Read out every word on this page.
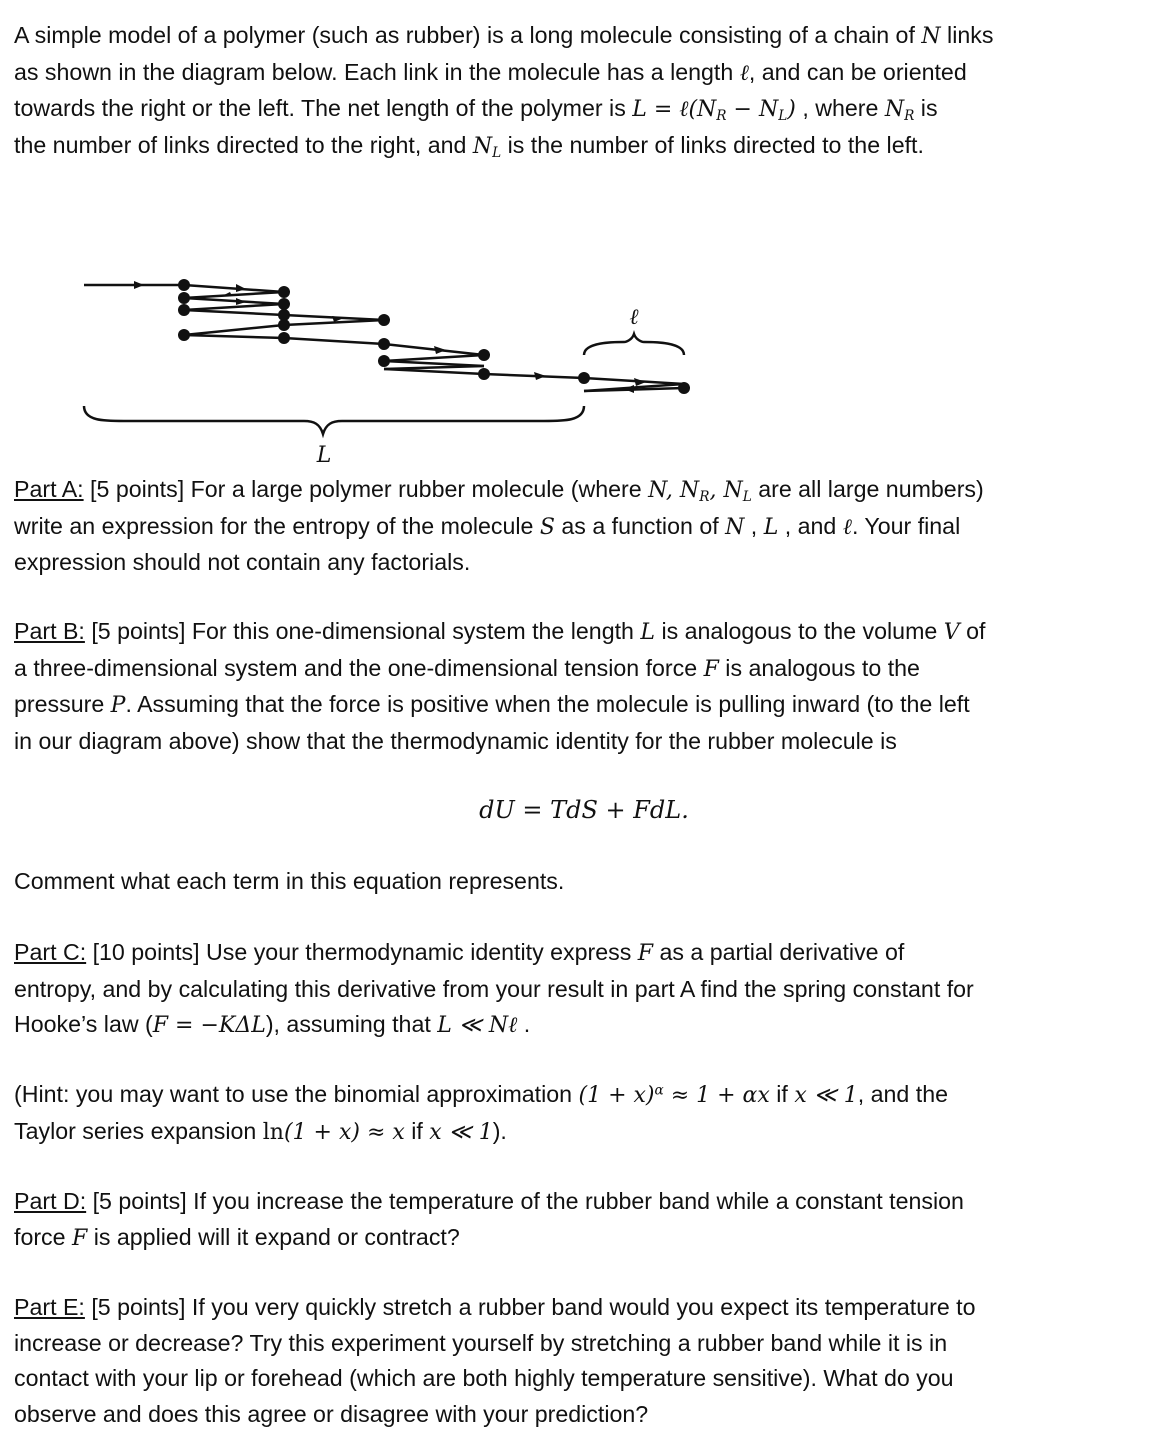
A simple model of a polymer (such as rubber) is a long molecule consisting of a chain of N links
as shown in the diagram below. Each link in the molecule has a length ℓ, and can be oriented
towards the right or the left. The net length of the polymer is $L = \ell(N_R - N_L)$ , where $N_R$ is
the number of links directed to the right, and $N_L$ is the number of links directed to the left.

ℓ
L

Part A: [5 points] For a large polymer rubber molecule (where N, $N_R$, $N_L$ are all large numbers)
write an expression for the entropy of the molecule S as a function of N , L , and ℓ. Your final
expression should not contain any factorials.

Part B: [5 points] For this one-dimensional system the length L is analogous to the volume V of
a three-dimensional system and the one-dimensional tension force F is analogous to the
pressure P. Assuming that the force is positive when the molecule is pulling inward (to the left
in our diagram above) show that the thermodynamic identity for the rubber molecule is

dU = TdS + FdL.

Comment what each term in this equation represents.

Part C: [10 points] Use your thermodynamic identity express F as a partial derivative of
entropy, and by calculating this derivative from your result in part A find the spring constant for
Hooke’s law (F = −KΔL), assuming that L ≪ Nℓ .

(Hint: you may want to use the binomial approximation $(1 + x)^\alpha \approx 1 + \alpha x$ if x ≪ 1, and the
Taylor series expansion ln(1 + x) ≈ x if x ≪ 1).

Part D: [5 points] If you increase the temperature of the rubber band while a constant tension
force F is applied will it expand or contract?

Part E: [5 points] If you very quickly stretch a rubber band would you expect its temperature to
increase or decrease? Try this experiment yourself by stretching a rubber band while it is in
contact with your lip or forehead (which are both highly temperature sensitive). What do you
observe and does this agree or disagree with your prediction?
